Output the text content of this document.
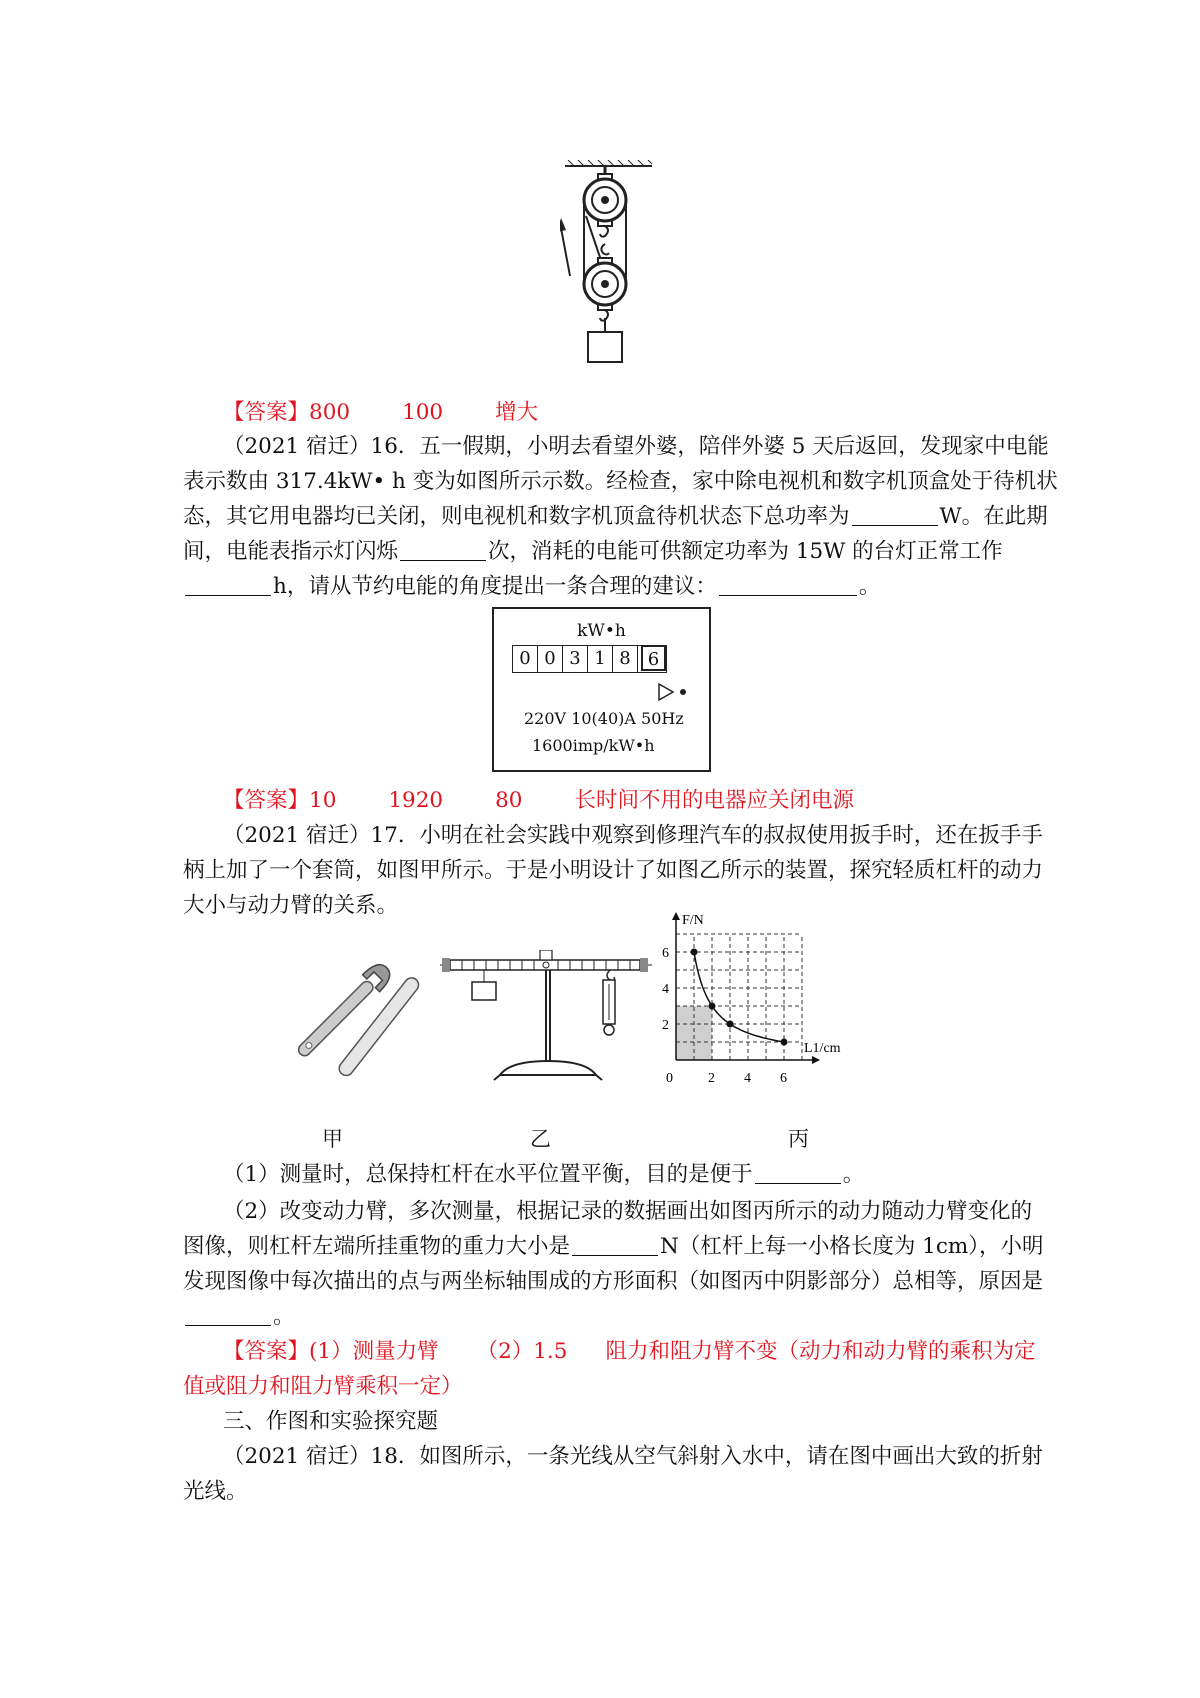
【答案】800 100 增大
（2021 宿迁）16．五一假期，小明去看望外婆，陪伴外婆 5 天后返回，发现家中电能
表示数由 317.4kW• h 变为如图所示示数。经检查，家中除电视机和数字机顶盒处于待机状
态，其它用电器均已关闭，则电视机和数字机顶盒待机状态下总功率为	W。在此期
间，电能表指示灯闪烁	次，消耗的电能可供额定功率为 15W 的台灯正常工作
h，请从节约电能的角度提出一条合理的建议：	。
kW•h
0 0 3 1 8 6
220V 10(40)A 50Hz
1600imp/kW•h
【答案】10 1920 80 长时间不用的电器应关闭电源
（2021 宿迁）17．小明在社会实践中观察到修理汽车的叔叔使用扳手时，还在扳手手
柄上加了一个套筒，如图甲所示。于是小明设计了如图乙所示的装置，探究轻质杠杆的动力
大小与动力臂的关系。
0	2 4 6
2
4
6
F/N
L1/cm
甲	乙	丙
（1）测量时，总保持杠杆在水平位置平衡，目的是便于	。
（2）改变动力臂，多次测量，根据记录的数据画出如图丙所示的动力随动力臂变化的
图像，则杠杆左端所挂重物的重力大小是	N（杠杆上每一小格长度为 1cm），小明
发现图像中每次描出的点与两坐标轴围成的方形面积（如图丙中阴影部分）总相等，原因是
。
【答案】(1）测量力臂 （2）1.5 阻力和阻力臂不变（动力和动力臂的乘积为定
值或阻力和阻力臂乘积一定）
三、作图和实验探究题
（2021 宿迁）18．如图所示，一条光线从空气斜射入水中，请在图中画出大致的折射
光线。
